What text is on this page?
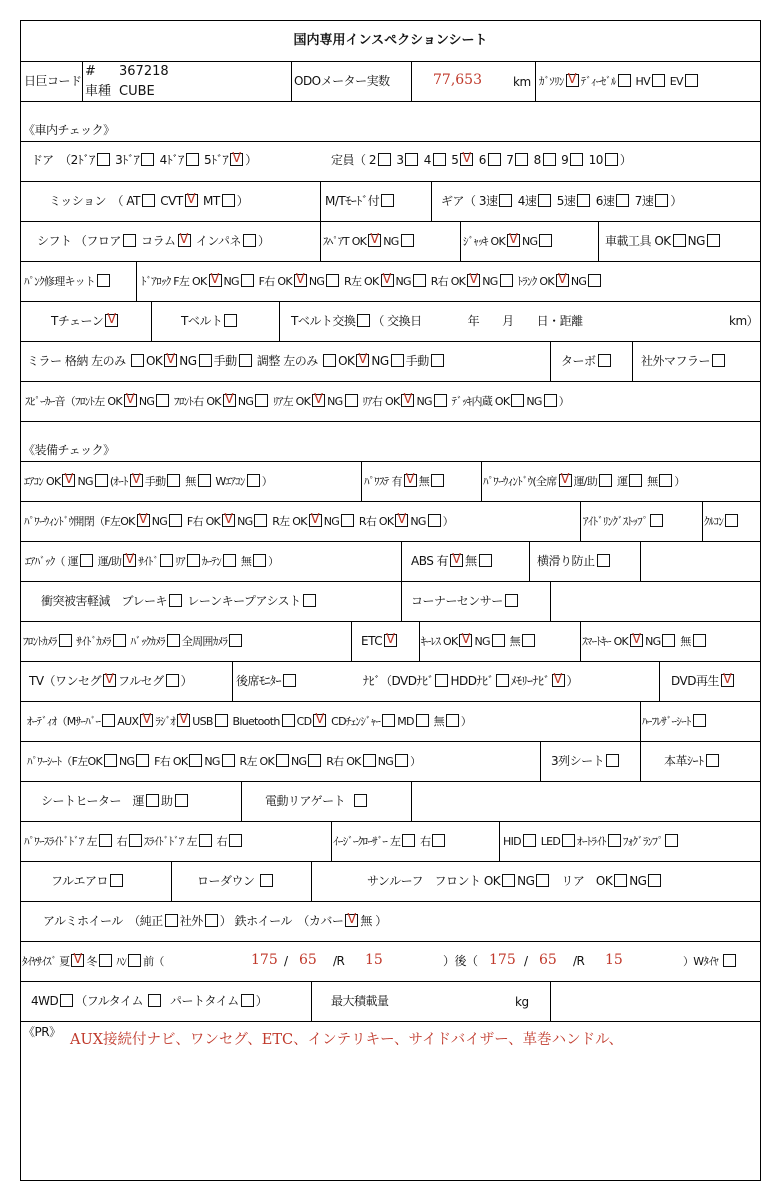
国内専用インスペクションシート
日巨コード
# 367218
車種 CUBE
ODOメーター実数	77,653	km ｶﾞｿﾘﾝ V ﾃﾞｨｰｾﾞﾙ HV EV
《車内チェック》
ドア　（2ﾄﾞｱ 3ﾄﾞｱ 4ﾄﾞｱ 5ﾄﾞｱ V ）	定員（ 2 3 4 5 V 6 7 8 9 10 ）
ミッション　（ AT CVT V MT ）	M/Tﾓｰﾄﾞ付	ギア（ 3速 4速 5速 6速 7速 ）
シフト （フロア コラム V インパネ ）	ｽﾍﾟｱT OK V NG	ｼﾞｬｯｷ OK V NG	車載工具 OK NG
ﾊﾟﾝｸ修理キット	ﾄﾞｱﾛｯｸ F左 OK V NG F右 OK V NG R左 OK V NG R右 OK V NG ﾄﾗﾝｸ OK V NG
Tチェーン V	Tベルト	Tベルト交換 （ 交換日　　　　年　　月　　日・距離	km）
ミラー 格納 左のみ OK V NG 手動 調整 左のみ OK V NG 手動	ターボ	社外マフラー
ｽﾋﾟｰｶｰ音（ﾌﾛﾝﾄ左 OK V NG ﾌﾛﾝﾄ右 OK V NG ﾘｱ左 OK V NG ﾘｱ右 OK V NG ﾃﾞｯｷ内蔵 OK NG ）
《装備チェック》
ｴｱｺﾝ OK V NG (ｵｰﾄ V 手動 無 Wｴｱｺﾝ ）	ﾊﾟﾜｽﾃ 有 V 無	ﾊﾟﾜｰｳｨﾝﾄﾞｳ(全席 V 運/助 運 無 ）
ﾊﾟﾜｰｳｨﾝﾄﾞｳ開閉（F左OK V NG F右 OK V NG R左 OK V NG R右 OK V NG ）	ｱｲﾄﾞﾘﾝｸﾞｽﾄｯﾌﾟ	ｸﾙｺﾝ
ｴｱﾊﾞｯｸ（ 運 運/助 V ｻｲﾄﾞ ﾘｱ ｶｰﾃﾝ 無 ）	ABS 有 V 無	横滑り防止
衝突被害軽減　ブレーキ レーンキープアシスト	コーナーセンサー
ﾌﾛﾝﾄｶﾒﾗ ｻｲﾄﾞｶﾒﾗ ﾊﾞｯｸｶﾒﾗ 全周囲ｶﾒﾗ	ETC V	ｷｰﾚｽ OK V NG 無	ｽﾏｰﾄｷｰ OK V NG 無
TV（ワンセグ V フルセグ ）	後席ﾓﾆﾀｰ	ﾅﾋﾞ（DVDﾅﾋﾞ HDDﾅﾋﾞ ﾒﾓﾘｰﾅﾋﾞ V ）	DVD再生V
ｵｰﾃﾞｨｵ（Mｻｰﾊﾞｰ AUX V ﾗｼﾞｵ V USB Bluetooth CD V CDﾁｪﾝｼﾞｬｰ MD 無 ）	ﾊｰﾌﾚｻﾞｰｼｰﾄ
ﾊﾟﾜｰｼｰﾄ（F左OK NG F右 OK NG R左 OK NG R右 OK NG ）	3列シート	本革ｼｰﾄ
シートヒーター　運 助	電動リアゲート
ﾊﾟﾜｰｽﾗｲﾄﾞﾄﾞｱ 左 右 ｽﾗｲﾄﾞﾄﾞｱ 左 右	ｲｰｼﾞｰｸﾛｰｻﾞｰ 左 右	HID LED ｵｰﾄﾗｲﾄ ﾌｫｸﾞﾗﾝﾌﾟ
フルエアロ	ローダウン	サンルーフ　フロント OK NG リア　OK NG
アルミホイール　（純正 社外 ） 鉄ホイール　（カバー V 無 ）
ﾀｲﾔｻｲｽﾞ 夏 V 冬 ﾊﾝ 前（	175 / 65 /R 15	）後（ 175 / 65 /R 15	）Wﾀｲﾔ
4WD （フルタイム パートタイム ）	最大積載量	kg
《PR》 AUX接続付ナビ、ワンセグ、ETC、インテリキー、サイドバイザー、革巻ハンドル、
